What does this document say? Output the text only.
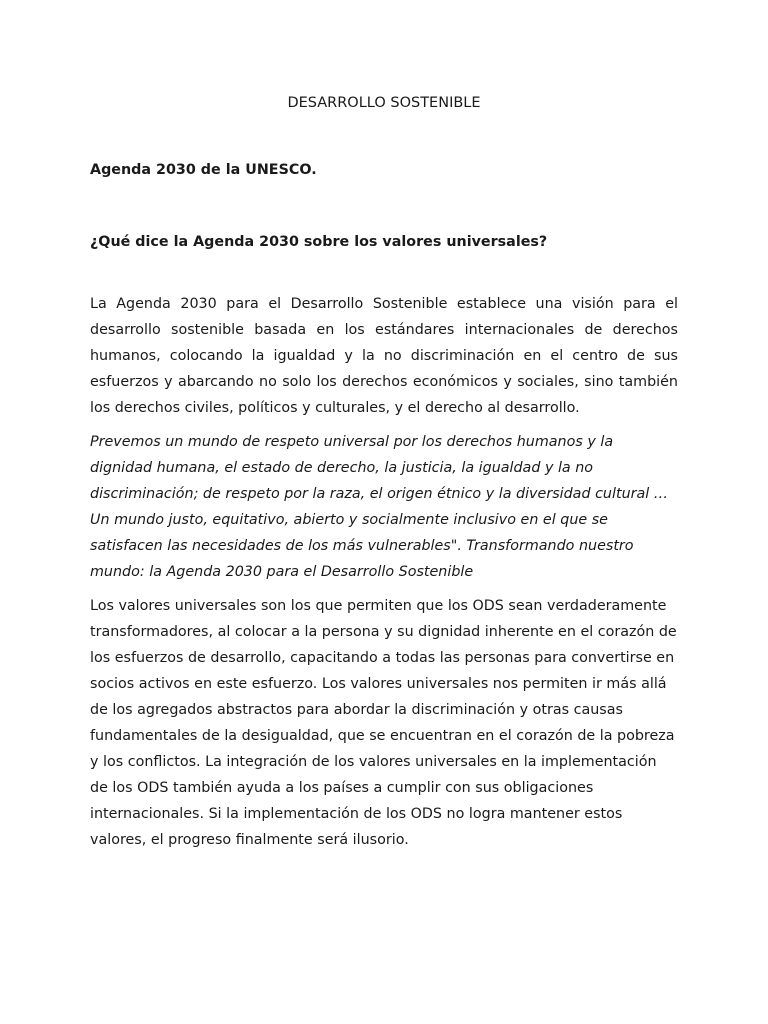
DESARROLLO SOSTENIBLE

Agenda 2030 de la UNESCO.

¿Qué dice la Agenda 2030 sobre los valores universales?

La Agenda 2030 para el Desarrollo Sostenible establece una visión para el desarrollo sostenible basada en los estándares internacionales de derechos humanos, colocando la igualdad y la no discriminación en el centro de sus esfuerzos y abarcando no solo los derechos económicos y sociales, sino también los derechos civiles, políticos y culturales, y el derecho al desarrollo.

Prevemos un mundo de respeto universal por los derechos humanos y la dignidad humana, el estado de derecho, la justicia, la igualdad y la no discriminación; de respeto por la raza, el origen étnico y la diversidad cultural …Un mundo justo, equitativo, abierto y socialmente inclusivo en el que se satisfacen las necesidades de los más vulnerables". Transformando nuestro mundo: la Agenda 2030 para el Desarrollo Sostenible

Los valores universales son los que permiten que los ODS sean verdaderamente transformadores, al colocar a la persona y su dignidad inherente en el corazón de los esfuerzos de desarrollo, capacitando a todas las personas para convertirse en socios activos en este esfuerzo. Los valores universales nos permiten ir más allá de los agregados abstractos para abordar la discriminación y otras causas fundamentales de la desigualdad, que se encuentran en el corazón de la pobreza y los conflictos. La integración de los valores universales en la implementación de los ODS también ayuda a los países a cumplir con sus obligaciones internacionales. Si la implementación de los ODS no logra mantener estos valores, el progreso finalmente será ilusorio.
